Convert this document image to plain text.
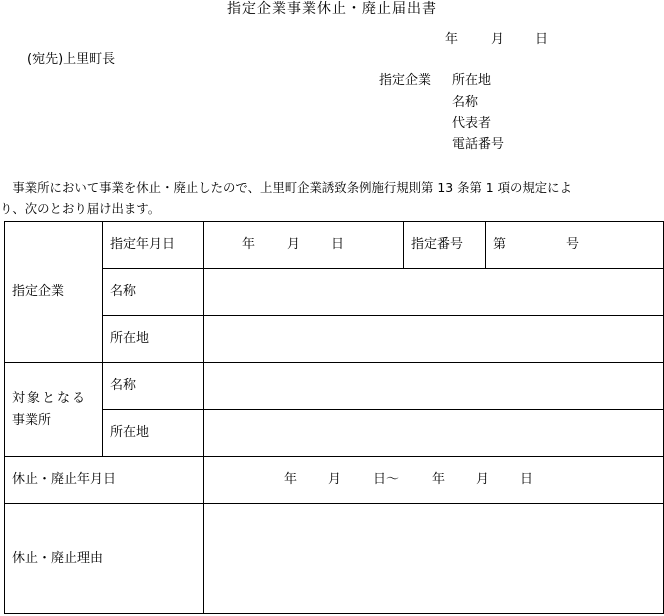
指定企業事業休止・廃止届出書
年	月 日
(宛先)上里町長
指定企業 所在地
名称
代表者
電話番号
　事業所において事業を休止・廃止したので、上里町企業誘致条例施行規則第 13 条第 1 項の規定によ
り、次のとおり届け出ます。
指定企業	指定年月日	年 月 日	指定番号	第 号
	名称			
	所在地			

対象となる
事業所	名称			
	所在地			
休止・廃止年月日		年 月 日～ 年 月 日		
休止・廃止理由				
